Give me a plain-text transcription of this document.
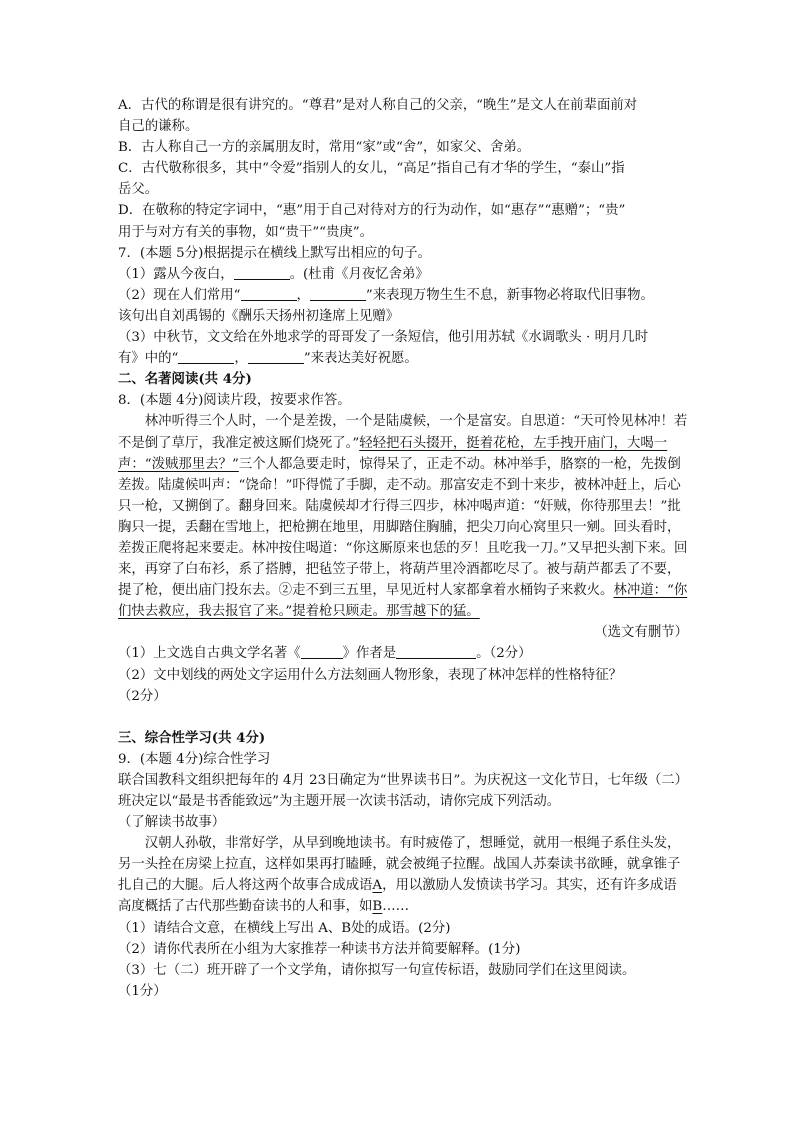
A．古代的称谓是很有讲究的。“尊君”是对人称自己的父亲，“晚生”是文人在前辈面前对
自己的谦称。

B．古人称自己一方的亲属朋友时，常用“家”或“舍”，如家父、舍弟。

C．古代敬称很多，其中“令爱”指别人的女儿，“高足”指自己有才华的学生，“泰山”指
岳父。

D．在敬称的特定字词中，“惠”用于自己对待对方的行为动作，如“惠存”“惠赠”；“贵”
用于与对方有关的事物，如“贵干”“贵庚”。

7．(本题 5分)根据提示在横线上默写出相应的句子。

（1）露从今夜白，	。(杜甫《月夜忆舍弟》

（2）现在人们常用“	，	”来表现万物生生不息，新事物必将取代旧事物。
该句出自刘禹锡的《酬乐天扬州初逢席上见赠》

（3）中秋节，文文给在外地求学的哥哥发了一条短信，他引用苏轼《水调歌头 · 明月几时
有》中的“	，	”来表达美好祝愿。

二、名著阅读(共 4分)

8．(本题 4分)阅读片段，按要求作答。

林冲听得三个人时，一个是差拨，一个是陆虞候，一个是富安。自思道：“天可怜见林冲！若不是倒了草厅，我准定被这厮们烧死了。”轻轻把石头掇开，挺着花枪，左手拽开庙门，大喝一声：“泼贼那里去？”三个人都急要走时，惊得呆了，正走不动。林冲举手，胳察的一枪，先拨倒差拨。陆虞候叫声：“饶命！”吓得慌了手脚，走不动。那富安走不到十来步，被林冲赶上，后心只一枪，又搠倒了。翻身回来。陆虞候却才行得三四步，林冲喝声道：“奸贼，你待那里去！”批胸只一提，丢翻在雪地上，把枪搠在地里，用脚踏住胸脯，把尖刀向心窝里只一剜。回头看时，差拨正爬将起来要走。林冲按住喝道：“你这厮原来也恁的歹！且吃我一刀。”又早把头割下来。回来，再穿了白布衫，系了搭膊，把毡笠子带上，将葫芦里冷酒都吃尽了。被与葫芦都丢了不要，提了枪，便出庙门投东去。②走不到三五里，早见近村人家都拿着水桶钩子来救火。林冲道：“你们快去救应，我去报官了来。”提着枪只顾走。那雪越下的猛。

（选文有删节）

（1）上文选自古典文学名著《	》作者是	。（2分）

（2）文中划线的两处文字运用什么方法刻画人物形象，表现了林冲怎样的性格特征？
（2分）

三、综合性学习(共 4分)

9．(本题 4分)综合性学习

联合国教科文组织把每年的 4月 23日确定为“世界读书日”。为庆祝这一文化节日，七年级（二）班决定以“最是书香能致远”为主题开展一次读书活动，请你完成下列活动。

（了解读书故事）

汉朝人孙敬，非常好学，从早到晚地读书。有时疲倦了，想睡觉，就用一根绳子系住头发，另一头拴在房梁上拉直，这样如果再打瞌睡，就会被绳子拉醒。战国人苏秦读书欲睡，就拿锥子扎自己的大腿。后人将这两个故事合成成语A，用以激励人发愤读书学习。其实，还有许多成语高度概括了古代那些勤奋读书的人和事，如B……

（1）请结合文意，在横线上写出 A、B处的成语。(2分)

（2）请你代表所在小组为大家推荐一种读书方法并简要解释。(1分)

（3）七（二）班开辟了一个文学角，请你拟写一句宣传标语，鼓励同学们在这里阅读。
（1分）
